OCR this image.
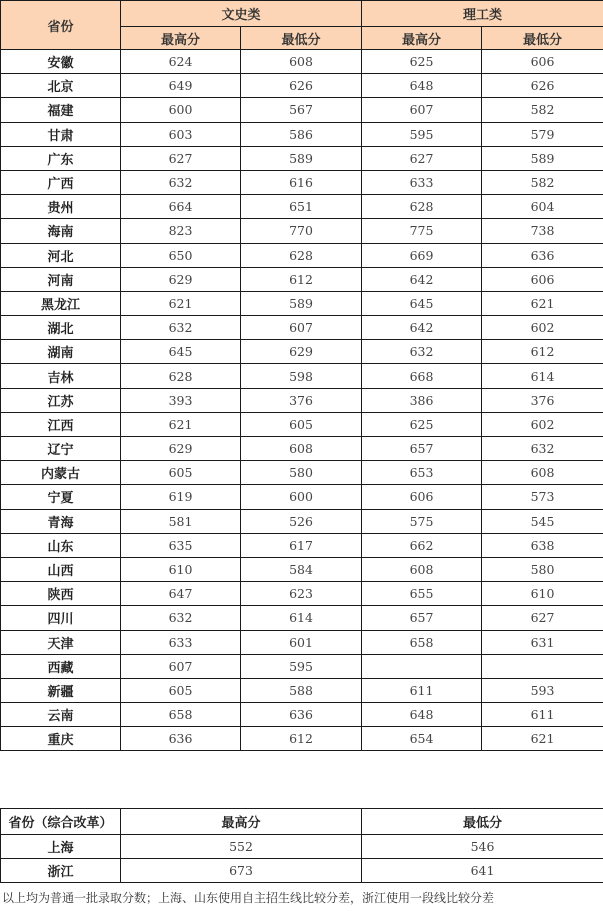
省份	文史类		理工类	
	最高分	最低分	最高分	最低分
安徽	624	608	625	606
北京	649	626	648	626
福建	600	567	607	582
甘肃	603	586	595	579
广东	627	589	627	589
广西	632	616	633	582
贵州	664	651	628	604
海南	823	770	775	738
河北	650	628	669	636
河南	629	612	642	606
黑龙江	621	589	645	621
湖北	632	607	642	602
湖南	645	629	632	612
吉林	628	598	668	614
江苏	393	376	386	376
江西	621	605	625	602
辽宁	629	608	657	632
内蒙古	605	580	653	608
宁夏	619	600	606	573
青海	581	526	575	545
山东	635	617	662	638
山西	610	584	608	580
陕西	647	623	655	610
四川	632	614	657	627
天津	633	601	658	631
西藏	607	595		
新疆	605	588	611	593
云南	658	636	648	611
重庆	636	612	654	621
省份（综合改革）	最高分	最低分
上海	552	546
浙江	673	641
以上均为普通一批录取分数；上海、山东使用自主招生线比较分差，浙江使用一段线比较分差
